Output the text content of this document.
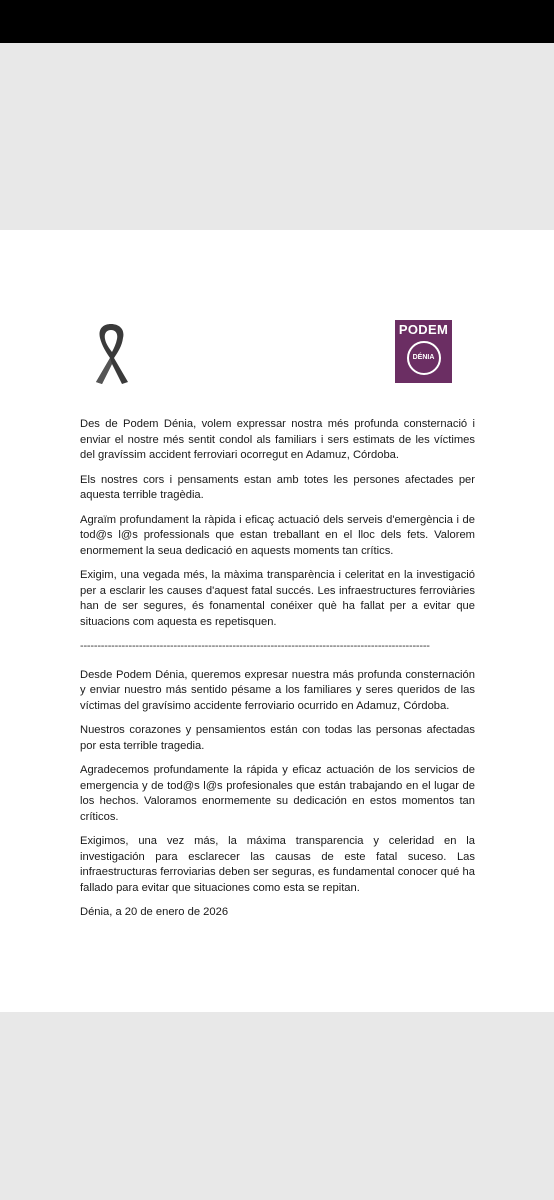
PODEM
DÉNIA

Des de Podem Dénia, volem expressar nostra més profunda consternació i enviar el nostre més sentit condol als familiars i sers estimats de les víctimes del gravíssim accident ferroviari ocorregut en Adamuz, Córdoba.

Els nostres cors i pensaments estan amb totes les persones afectades per aquesta terrible tragèdia.

Agraïm profundament la ràpida i eficaç actuació dels serveis d'emergència i de tod@s l@s professionals que estan treballant en el lloc dels fets. Valorem enormement la seua dedicació en aquests moments tan crítics.

Exigim, una vegada més, la màxima transparència i celeritat en la investigació per a esclarir les causes d'aquest fatal succés. Les infraestructures ferroviàries han de ser segures, és fonamental conéixer què ha fallat per a evitar que situacions com aquesta es repetisquen.

-----------------------------------------------------------------------------------------------------

Desde Podem Dénia, queremos expresar nuestra más profunda consternación y enviar nuestro más sentido pésame a los familiares y seres queridos de las víctimas del gravísimo accidente ferroviario ocurrido en Adamuz, Córdoba.

Nuestros corazones y pensamientos están con todas las personas afectadas por esta terrible tragedia.

Agradecemos profundamente la rápida y eficaz actuación de los servicios de emergencia y de tod@s l@s profesionales que están trabajando en el lugar de los hechos. Valoramos enormemente su dedicación en estos momentos tan críticos.

Exigimos, una vez más, la máxima transparencia y celeridad en la investigación para esclarecer las causas de este fatal suceso. Las infraestructuras ferroviarias deben ser seguras, es fundamental conocer qué ha fallado para evitar que situaciones como esta se repitan.

Dénia, a 20 de enero de 2026
